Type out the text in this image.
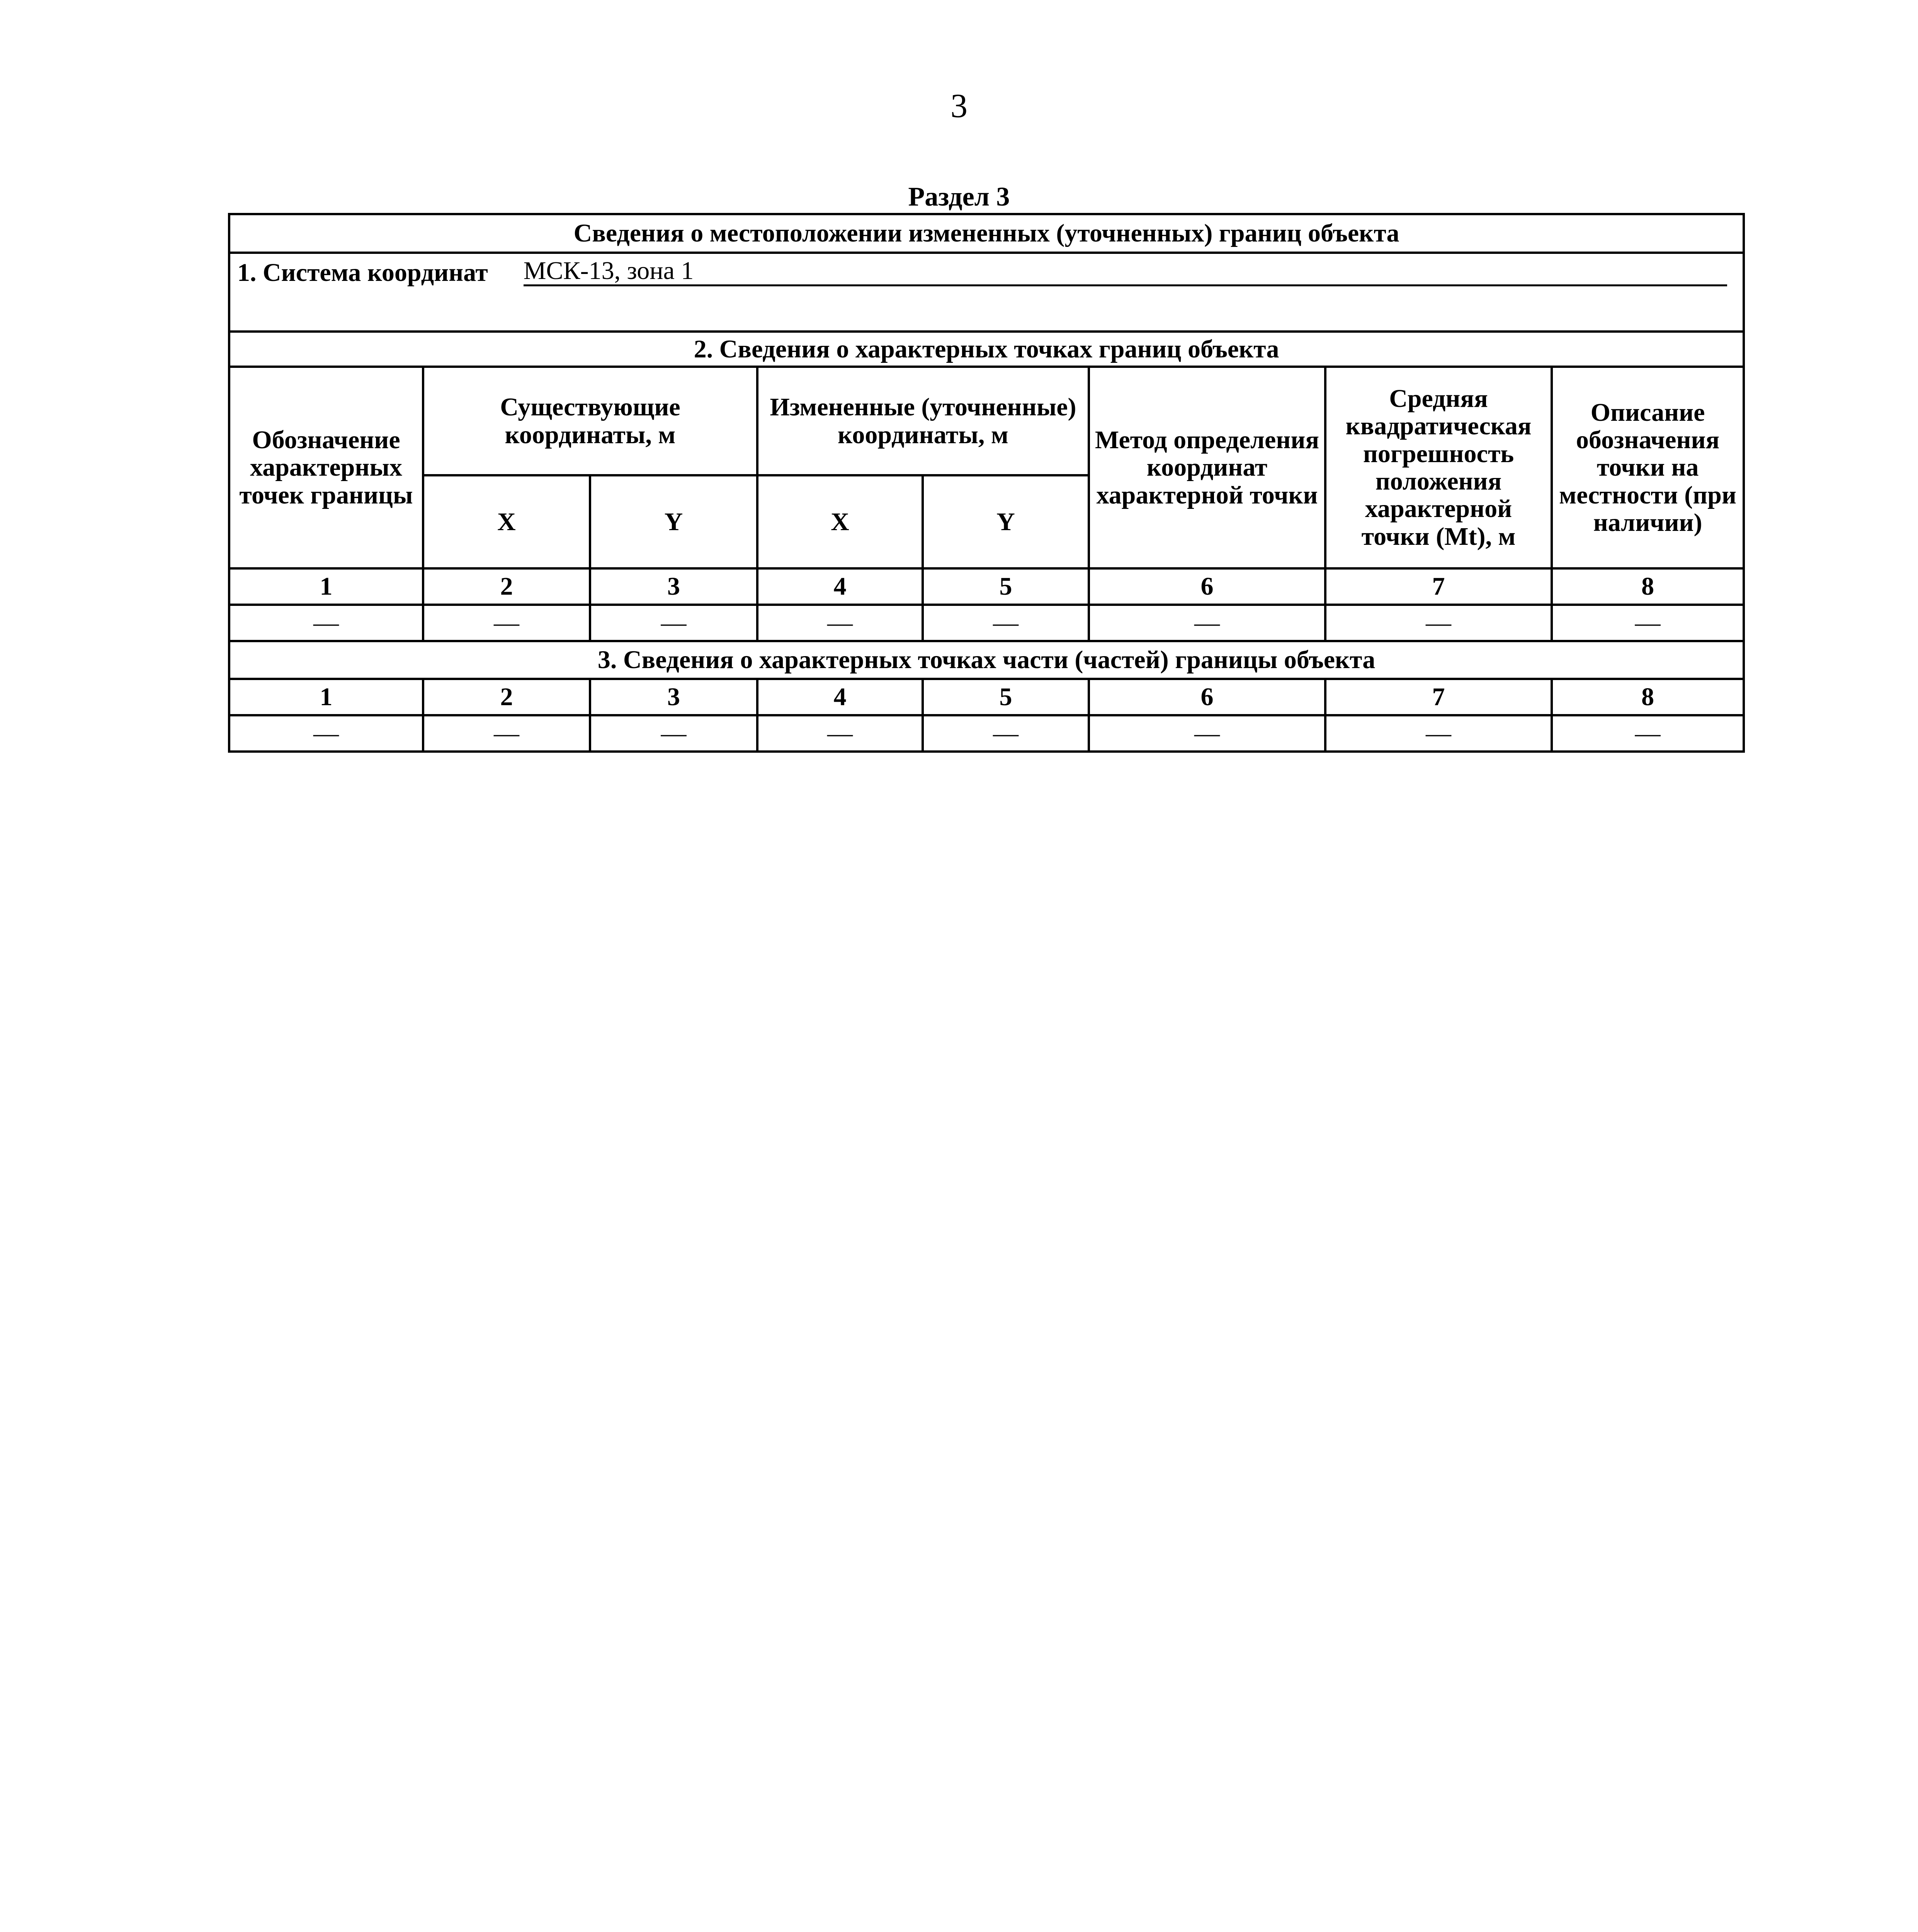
3
Раздел 3
Сведения о местоположении измененных (уточненных) границ объекта							

1. Система координат МСК-13, зона 1							

2. Сведения о характерных точках границ объекта							
Обозначение характерных точек границы	Существующие координаты, м		Измененные (уточненные) координаты, м		Метод определения координат характерной точки	Средняя квадратическая погрешность положения характерной точки (Mt), м	Описание обозначения точки на местности (при наличии)
	X	Y	X	Y			
1	2	3	4	5	6	7	8
—	—	—	—	—	—	—	—
3. Сведения о характерных точках части (частей) границы объекта							
1	2	3	4	5	6	7	8
—	—	—	—	—	—	—	—
